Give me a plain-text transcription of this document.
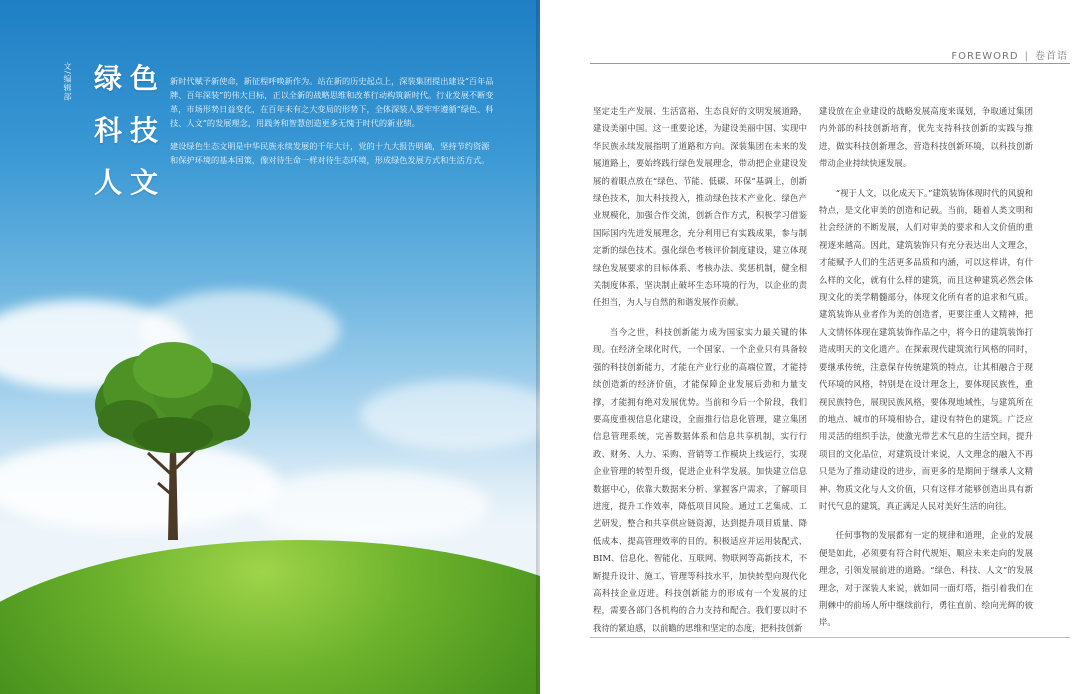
文/编辑部 绿色
科技
人文

新时代赋予新使命，新征程呼唤新作为。站在新的历史起点上，深装集团提出建设“百年品牌、百年深装”的伟大目标，正以全新的战略思维和改革行动构筑新时代。行业发展不断变革，市场形势日益变化，在百年未有之大变局的形势下，全体深装人要牢牢遵循“绿色、科技、人文”的发展理念，用践务和智慧创造更多无愧于时代的新业绩。

建设绿色生态文明是中华民族永续发展的千年大计，党的十九大报告明确，坚持节约资源和保护环境的基本国策，像对待生命一样对待生态环境，形成绿色发展方式和生活方式。

FOREWORD | 卷首语

坚定走生产发展、生活富裕、生态良好的文明发展道路，建设美丽中国。这一重要论述，为建设美丽中国、实现中华民族永续发展指明了道路和方向。深装集团在未来的发展道路上，要始终践行绿色发展理念，带动把企业建设发展的着眼点放在“绿色、节能、低碳、环保”基调上，创新绿色技术，加大科技投入，推动绿色技术产业化、绿色产业规模化，加强合作交流，创新合作方式，积极学习借鉴国际国内先进发展理念，充分利用已有实践成果，参与制定新的绿色技术。强化绿色考核评价制度建设，建立体现绿色发展要求的目标体系、考核办法、奖惩机制，健全相关制度体系，坚决制止破坏生态环境的行为，以企业的责任担当，为人与自然的和谐发展作贡献。

当今之世，科技创新能力成为国家实力最关键的体现。在经济全球化时代，一个国家、一个企业只有具备较强的科技创新能力，才能在产业行业的高端位置，才能持续创造新的经济价值，才能保障企业发展后劲和力量支撑，才能拥有绝对发展优势。当前和今后一个阶段，我们要高度重视信息化建设，全面推行信息化管理，建立集团信息管理系统，完善数据体系和信息共享机制，实行行政、财务、人力、采购、营销等工作模块上线运行，实现企业管理的转型升级，促进企业科学发展。加快建立信息数据中心，依靠大数据来分析、掌握客户需求，了解项目进度，提升工作效率，降低项目风险。通过工艺集成、工艺研发，整合和共享供应链资源，达到提升项目质量、降低成本、提高管理效率的目的。积极适应并运用装配式、BIM、信息化、智能化、互联网、物联网等高新技术，不断提升设计、施工、管理等科技水平，加快转型向现代化高科技企业迈进。科技创新能力的形成有一个发展的过程，需要各部门各机构的合力支持和配合。我们要以时不我待的紧迫感，以前瞻的思维和坚定的态度，把科技创新

建设放在企业建设的战略发展高度来谋划，争取通过集团内外部的科技创新培育，优先支持科技创新的实践与推进，做实科技创新理念，营造科技创新环境，以科技创新带动企业持续快速发展。

“视于人文，以化成天下。”建筑装饰体现时代的风貌和特点，是文化审美的创造和记载。当前，随着人类文明和社会经济的不断发展，人们对审美的要求和人文价值的重视逐来越高。因此，建筑装饰只有充分表达出人文理念，才能赋予人们的生活更多品质和内涵，可以这样讲，有什么样的文化，就有什么样的建筑，而且这种建筑必然会体现文化的美学精髓部分，体现文化所有者的追求和气质。建筑装饰从业者作为美的创造者，更要注重人文精神，把人文情怀体现在建筑装饰作品之中，将今日的建筑装饰打造成明天的文化遗产。在探索现代建筑流行风格的同时，要继承传统，注意保存传统建筑的特点，让其相融合于现代环境的风格，特别是在设计理念上，要体现民族性，重视民族特色，展现民族风格，要体现地域性，与建筑所在的地点、城市的环境相协合，建设有特色的建筑。广泛应用灵活的组织手法，使激光带艺术气息的生活空间，提升项目的文化品位，对建筑设计来说，人文理念的融入不再只是为了推动建设的进步，而更多的是期间于继承人文精神、物质文化与人文价值，只有这样才能够创造出具有新时代气息的建筑，真正满足人民对美好生活的向往。

任何事物的发展都有一定的规律和道理，企业的发展便是如此，必须要有符合时代规矩、顺应未来走向的发展理念，引领发展前进的道路。“绿色、科技、人文”的发展理念，对于深装人来说，就如同一面灯塔，指引着我们在荆棘中的前场人所中继续前行，勇往直前、绘向光辉的彼岸。
